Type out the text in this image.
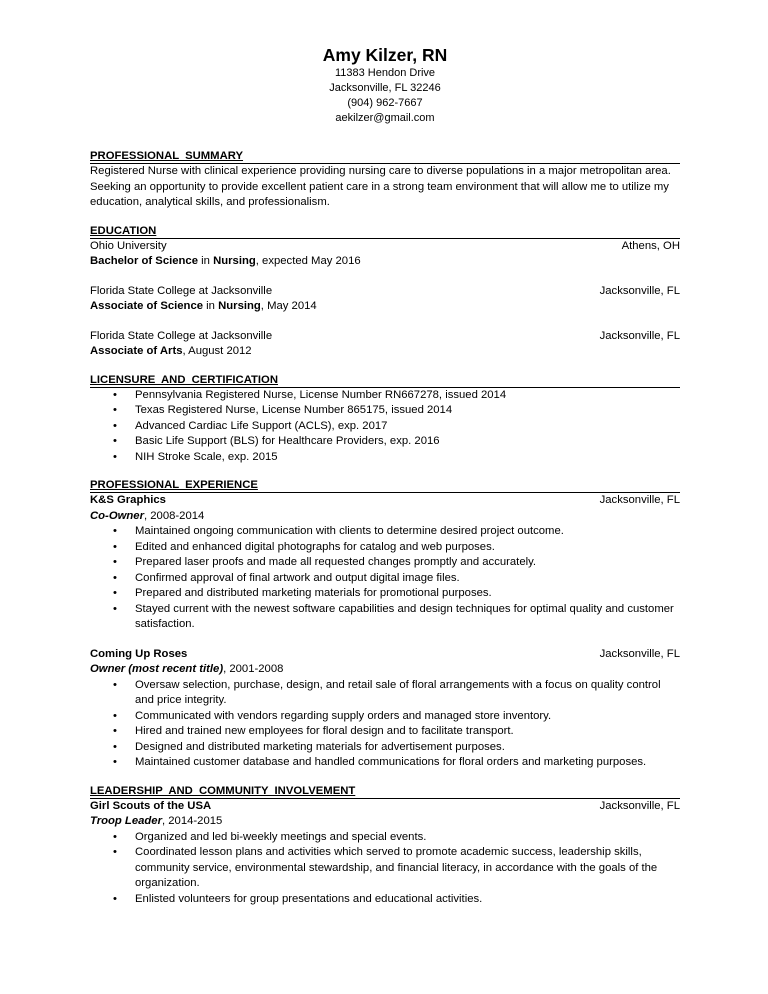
Amy Kilzer, RN
11383 Hendon Drive
Jacksonville, FL 32246
(904) 962-7667
aekilzer@gmail.com
PROFESSIONAL SUMMARY

Registered Nurse with clinical experience providing nursing care to diverse populations in a major metropolitan area. Seeking an opportunity to provide excellent patient care in a strong team environment that will allow me to utilize my education, analytical skills, and professionalism.

EDUCATION
Ohio University	Athens, OH
Bachelor of Science in Nursing, expected May 2016
Florida State College at Jacksonville	Jacksonville, FL
Associate of Science in Nursing, May 2014
Florida State College at Jacksonville	Jacksonville, FL
Associate of Arts, August 2012
LICENSURE AND CERTIFICATION
• Pennsylvania Registered Nurse, License Number RN667278, issued 2014
• Texas Registered Nurse, License Number 865175, issued 2014
• Advanced Cardiac Life Support (ACLS), exp. 2017
• Basic Life Support (BLS) for Healthcare Providers, exp. 2016
• NIH Stroke Scale, exp. 2015
PROFESSIONAL EXPERIENCE
K&S Graphics	Jacksonville, FL
Co-Owner, 2008-2014
• Maintained ongoing communication with clients to determine desired project outcome.
• Edited and enhanced digital photographs for catalog and web purposes.
• Prepared laser proofs and made all requested changes promptly and accurately.
• Confirmed approval of final artwork and output digital image files.
• Prepared and distributed marketing materials for promotional purposes.
• Stayed current with the newest software capabilities and design techniques for optimal quality and customer satisfaction.
Coming Up Roses	Jacksonville, FL
Owner (most recent title), 2001-2008
• Oversaw selection, purchase, design, and retail sale of floral arrangements with a focus on quality control and price integrity.
• Communicated with vendors regarding supply orders and managed store inventory.
• Hired and trained new employees for floral design and to facilitate transport.
• Designed and distributed marketing materials for advertisement purposes.
• Maintained customer database and handled communications for floral orders and marketing purposes.
LEADERSHIP AND COMMUNITY INVOLVEMENT
Girl Scouts of the USA	Jacksonville, FL
Troop Leader, 2014-2015
• Organized and led bi-weekly meetings and special events.
• Coordinated lesson plans and activities which served to promote academic success, leadership skills, community service, environmental stewardship, and financial literacy, in accordance with the goals of the organization.
• Enlisted volunteers for group presentations and educational activities.
